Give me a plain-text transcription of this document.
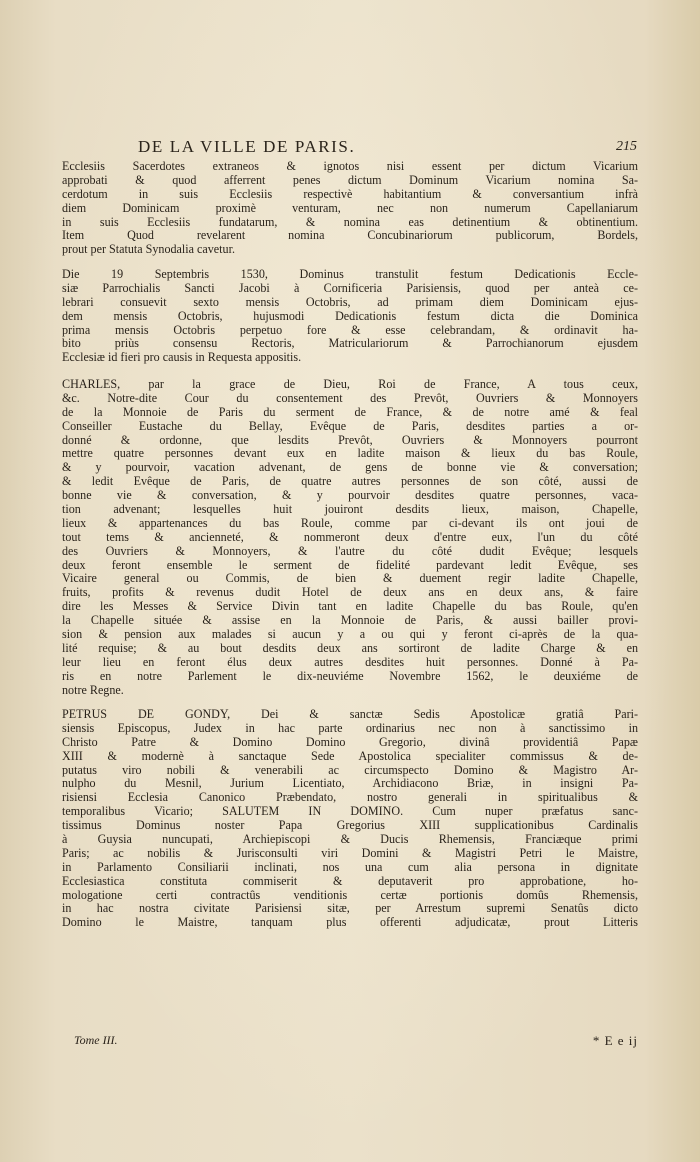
DE LA VILLE DE PARIS.	215
Ecclesiis Sacerdotes extraneos & ignotos nisi essent per dictum Vicarium
approbati & quod afferrent penes dictum Dominum Vicarium nomina Sa-
cerdotum in suis Ecclesiis respectivè habitantium & conversantium infrà
diem Dominicam proximè venturam, nec non numerum Capellaniarum
in suis Ecclesiis fundatarum, & nomina eas detinentium & obtinentium.
Item Quod revelarent nomina Concubinariorum publicorum, Bordels,
prout per Statuta Synodalia cavetur.
Die 19 Septembris 1530, Dominus transtulit festum Dedicationis Eccle-
siæ Parrochialis Sancti Jacobi à Cornificeria Parisiensis, quod per anteà ce-
lebrari consuevit sexto mensis Octobris, ad primam diem Dominicam ejus-
dem mensis Octobris, hujusmodi Dedicationis festum dicta die Dominica
prima mensis Octobris perpetuo fore & esse celebrandam, & ordinavit ha-
bito priùs consensu Rectoris, Matriculariorum & Parrochianorum ejusdem
Ecclesiæ id fieri pro causis in Requesta appositis.
CHARLES, par la grace de Dieu, Roi de France, A tous ceux,
&c. Notre-dite Cour du consentement des Prevôt, Ouvriers & Monnoyers
de la Monnoie de Paris du serment de France, & de notre amé & feal
Conseiller Eustache du Bellay, Evêque de Paris, desdites parties a or-
donné & ordonne, que lesdits Prevôt, Ouvriers & Monnoyers pourront
mettre quatre personnes devant eux en ladite maison & lieux du bas Roule,
& y pourvoir, vacation advenant, de gens de bonne vie & conversation;
& ledit Evêque de Paris, de quatre autres personnes de son côté, aussi de
bonne vie & conversation, & y pourvoir desdites quatre personnes, vaca-
tion advenant; lesquelles huit jouiront desdits lieux, maison, Chapelle,
lieux & appartenances du bas Roule, comme par ci-devant ils ont joui de
tout tems & ancienneté, & nommeront deux d'entre eux, l'un du côté
des Ouvriers & Monnoyers, & l'autre du côté dudit Evêque; lesquels
deux feront ensemble le serment de fidelité pardevant ledit Evêque, ses
Vicaire general ou Commis, de bien & duement regir ladite Chapelle,
fruits, profits & revenus dudit Hotel de deux ans en deux ans, & faire
dire les Messes & Service Divin tant en ladite Chapelle du bas Roule, qu'en
la Chapelle située & assise en la Monnoie de Paris, & aussi bailler provi-
sion & pension aux malades si aucun y a ou qui y feront ci-après de la qua-
lité requise; & au bout desdits deux ans sortiront de ladite Charge & en
leur lieu en feront élus deux autres desdites huit personnes. Donné à Pa-
ris en notre Parlement le dix-neuviéme Novembre 1562, le deuxiéme de
notre Regne.
PETRUS DE GONDY, Dei & sanctæ Sedis Apostolicæ gratiâ Pari-
siensis Episcopus, Judex in hac parte ordinarius nec non à sanctissimo in
Christo Patre & Domino Domino Gregorio, divinâ providentiâ Papæ
XIII & modernè à sanctaque Sede Apostolica specialiter commissus & de-
putatus viro nobili & venerabili ac circumspecto Domino & Magistro Ar-
nulpho du Mesnil, Jurium Licentiato, Archidiacono Briæ, in insigni Pa-
risiensi Ecclesia Canonico Præbendato, nostro generali in spiritualibus &
temporalibus Vicario; SALUTEM IN DOMINO. Cum nuper præfatus sanc-
tissimus Dominus noster Papa Gregorius XIII supplicationibus Cardinalis
à Guysia nuncupati, Archiepiscopi & Ducis Rhemensis, Franciæque primi
Paris; ac nobilis & Jurisconsulti viri Domini & Magistri Petri le Maistre,
in Parlamento Consiliarii inclinati, nos una cum alia persona in dignitate
Ecclesiastica constituta commiserit & deputaverit pro approbatione, ho-
mologatione certi contractûs venditionis certæ portionis domûs Rhemensis,
in hac nostra civitate Parisiensi sitæ, per Arrestum supremi Senatûs dicto
Domino le Maistre, tanquam plus offerenti adjudicatæ, prout Litteris
Tome III.	* E e ij
